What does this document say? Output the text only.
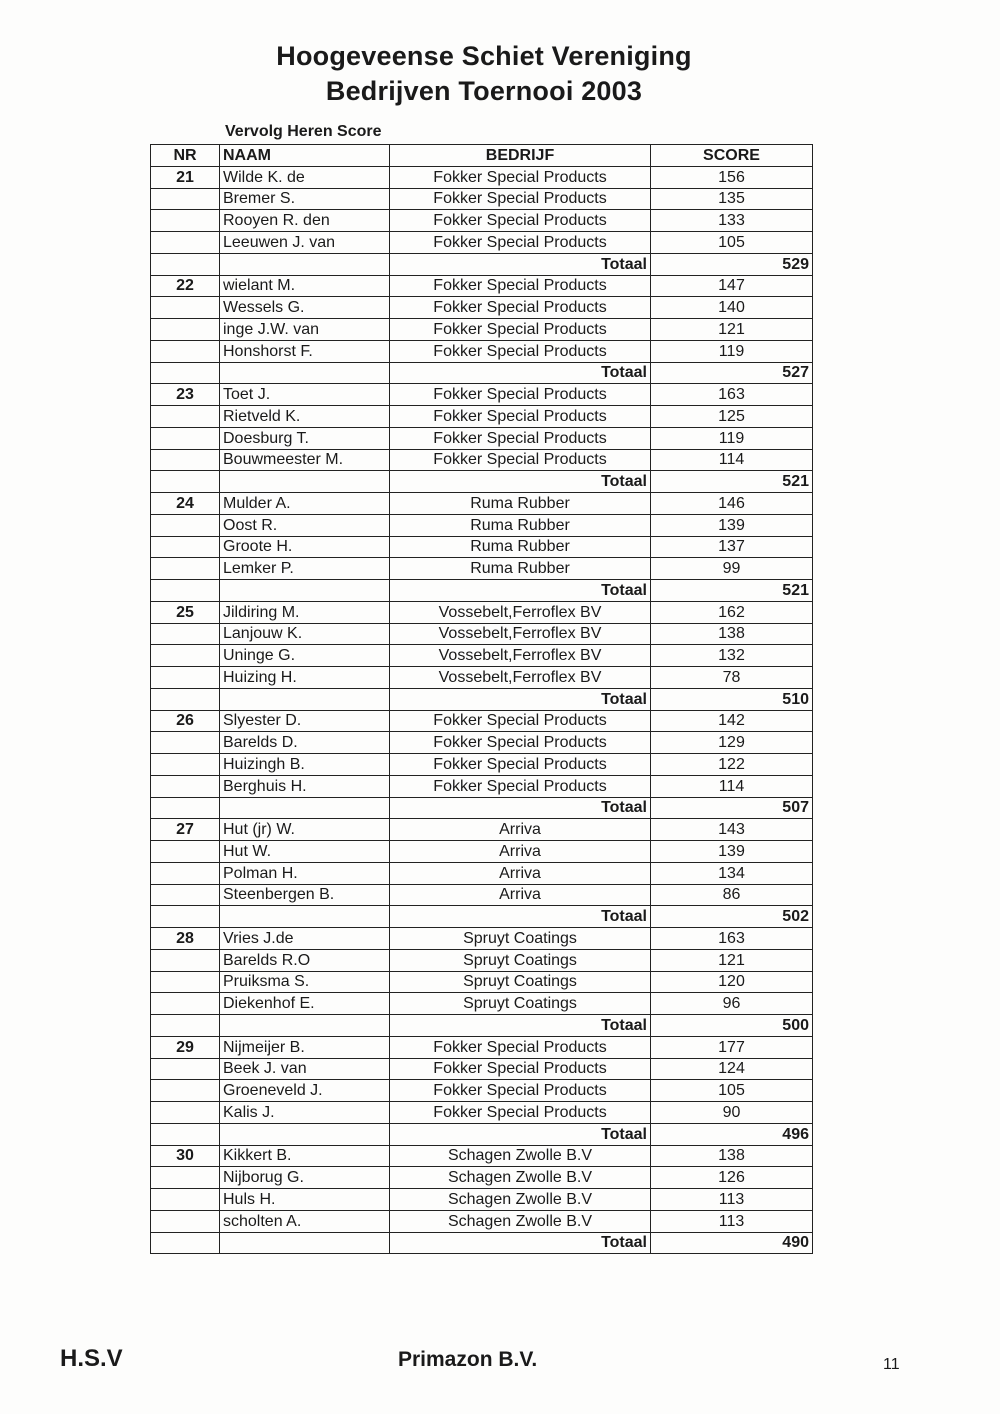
Hoogeveense Schiet Vereniging
Bedrijven Toernooi 2003
Vervolg Heren Score
NR	NAAM	BEDRIJF	SCORE
21	Wilde K. de	Fokker Special Products	156
	Bremer S.	Fokker Special Products	135
	Rooyen R. den	Fokker Special Products	133
	Leeuwen J. van	Fokker Special Products	105
		Totaal	529
22	wielant M.	Fokker Special Products	147
	Wessels G.	Fokker Special Products	140
	inge J.W. van	Fokker Special Products	121
	Honshorst F.	Fokker Special Products	119
		Totaal	527
23	Toet J.	Fokker Special Products	163
	Rietveld K.	Fokker Special Products	125
	Doesburg T.	Fokker Special Products	119
	Bouwmeester M.	Fokker Special Products	114
		Totaal	521
24	Mulder A.	Ruma Rubber	146
	Oost R.	Ruma Rubber	139
	Groote H.	Ruma Rubber	137
	Lemker P.	Ruma Rubber	99
		Totaal	521
25	Jildiring M.	Vossebelt,Ferroflex BV	162
	Lanjouw K.	Vossebelt,Ferroflex BV	138
	Uninge G.	Vossebelt,Ferroflex BV	132
	Huizing H.	Vossebelt,Ferroflex BV	78
		Totaal	510
26	Slyester D.	Fokker Special Products	142
	Barelds D.	Fokker Special Products	129
	Huizingh B.	Fokker Special Products	122
	Berghuis H.	Fokker Special Products	114
		Totaal	507
27	Hut (jr) W.	Arriva	143
	Hut W.	Arriva	139
	Polman H.	Arriva	134
	Steenbergen B.	Arriva	86
		Totaal	502
28	Vries J.de	Spruyt Coatings	163
	Barelds R.O	Spruyt Coatings	121
	Pruiksma S.	Spruyt Coatings	120
	Diekenhof E.	Spruyt Coatings	96
		Totaal	500
29	Nijmeijer B.	Fokker Special Products	177
	Beek J. van	Fokker Special Products	124
	Groeneveld J.	Fokker Special Products	105
	Kalis J.	Fokker Special Products	90
		Totaal	496
30	Kikkert B.	Schagen Zwolle B.V	138
	Nijborug G.	Schagen Zwolle B.V	126
	Huls H.	Schagen Zwolle B.V	113
	scholten A.	Schagen Zwolle B.V	113
		Totaal	490
H.S.V	Primazon B.V.	11
